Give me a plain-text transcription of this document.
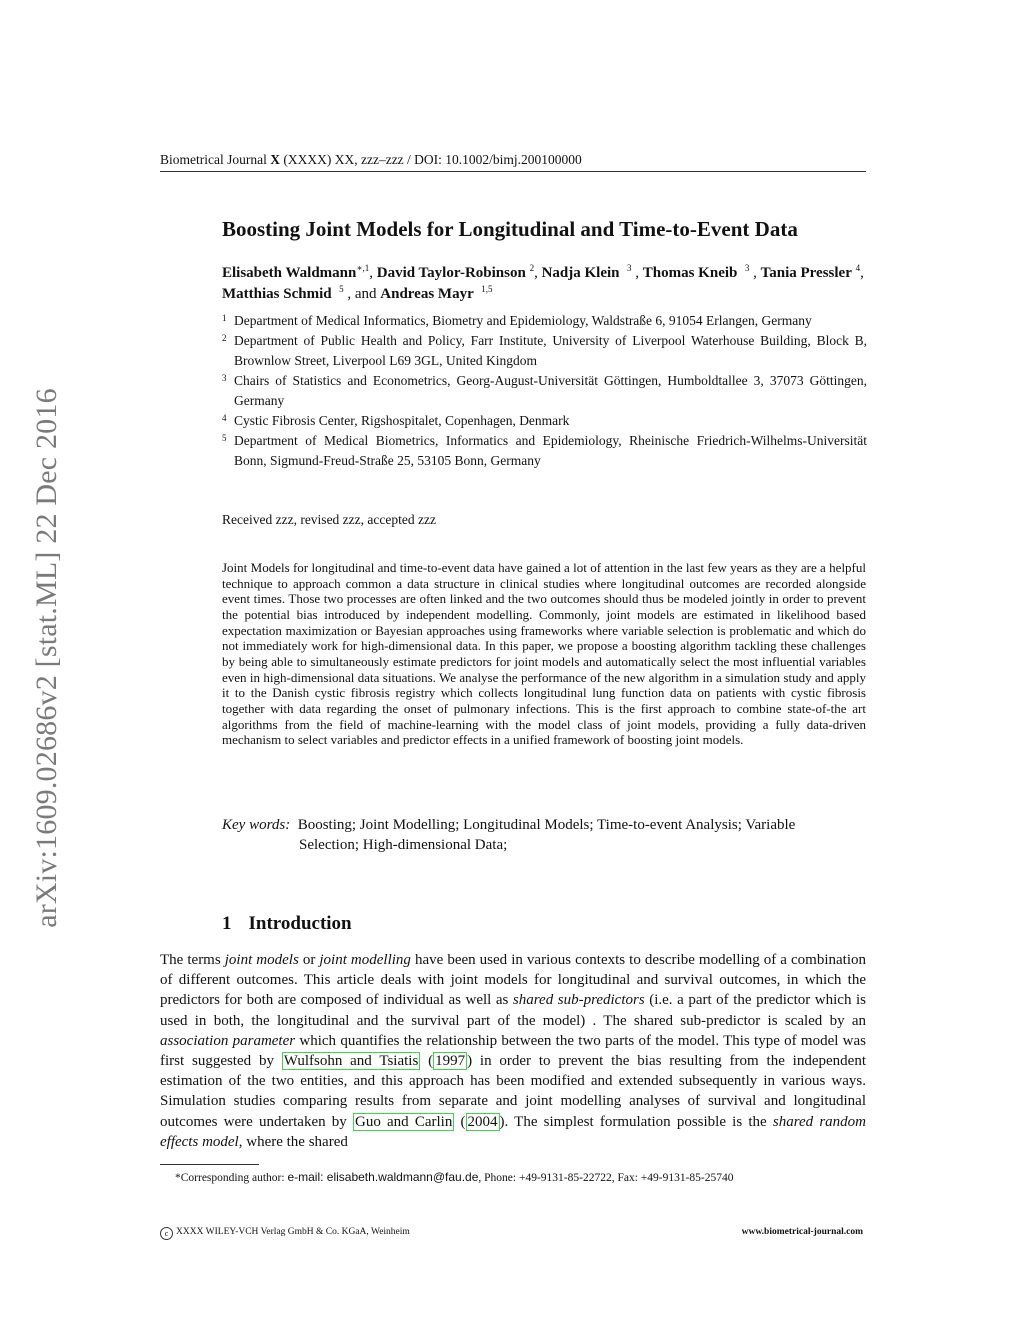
arXiv:1609.02686v2 [stat.ML] 22 Dec 2016
Biometrical Journal X (XXXX) XX, zzz–zzz / DOI: 10.1002/bimj.200100000
Boosting Joint Models for Longitudinal and Time-to-Event Data
Elisabeth Waldmann$^{∗,1}$, David Taylor-Robinson $^2$, Nadja Klein $^3$ , Thomas Kneib $^3$ , Tania Pressler $^4$, Matthias Schmid $^5$ , and Andreas Mayr $^{1,5}$
1 Department of Medical Informatics, Biometry and Epidemiology, Waldstraße 6, 91054 Erlangen, Germany
2 Department of Public Health and Policy, Farr Institute, University of Liverpool Waterhouse Building, Block B, Brownlow Street, Liverpool L69 3GL, United Kingdom
3 Chairs of Statistics and Econometrics, Georg-August-Universität Göttingen, Humboldtallee 3, 37073 Göttingen, Germany
4 Cystic Fibrosis Center, Rigshospitalet, Copenhagen, Denmark
5 Department of Medical Biometrics, Informatics and Epidemiology, Rheinische Friedrich-Wilhelms-Universität Bonn, Sigmund-Freud-Straße 25, 53105 Bonn, Germany
Received zzz, revised zzz, accepted zzz
Joint Models for longitudinal and time-to-event data have gained a lot of attention in the last few years as they are a helpful technique to approach common a data structure in clinical studies where longitudinal outcomes are recorded alongside event times. Those two processes are often linked and the two outcomes should thus be modeled jointly in order to prevent the potential bias introduced by independent modelling. Commonly, joint models are estimated in likelihood based expectation maximization or Bayesian approaches using frameworks where variable selection is problematic and which do not immediately work for high-dimensional data. In this paper, we propose a boosting algorithm tackling these challenges by being able to simultaneously estimate predictors for joint models and automatically select the most influential variables even in high-dimensional data situations. We analyse the performance of the new algorithm in a simulation study and apply it to the Danish cystic fibrosis registry which collects longitudinal lung function data on patients with cystic fibrosis together with data regarding the onset of pulmonary infections. This is the first approach to combine state-of-the art algorithms from the field of machine-learning with the model class of joint models, providing a fully data-driven mechanism to select variables and predictor effects in a unified framework of boosting joint models.
Key words: Boosting; Joint Modelling; Longitudinal Models; Time-to-event Analysis; Variable
Selection; High-dimensional Data;
1 Introduction
The terms joint models or joint modelling have been used in various contexts to describe modelling of a combination of different outcomes. This article deals with joint models for longitudinal and survival outcomes, in which the predictors for both are composed of individual as well as shared sub-predictors (i.e. a part of the predictor which is used in both, the longitudinal and the survival part of the model) . The shared sub-predictor is scaled by an association parameter which quantifies the relationship between the two parts of the model. This type of model was first suggested by Wulfsohn and Tsiatis ( 1997 ) in order to prevent the bias resulting from the independent estimation of the two entities, and this approach has been modified and extended subsequently in various ways. Simulation studies comparing results from separate and joint modelling analyses of survival and longitudinal outcomes were undertaken by Guo and Carlin ( 2004 ). The simplest formulation possible is the shared random effects model, where the shared
*Corresponding author: e-mail: elisabeth.waldmann@fau.de, Phone: +49-9131-85-22722, Fax: +49-9131-85-25740
c XXXX WILEY-VCH Verlag GmbH & Co. KGaA, Weinheim	www.biometrical-journal.com
